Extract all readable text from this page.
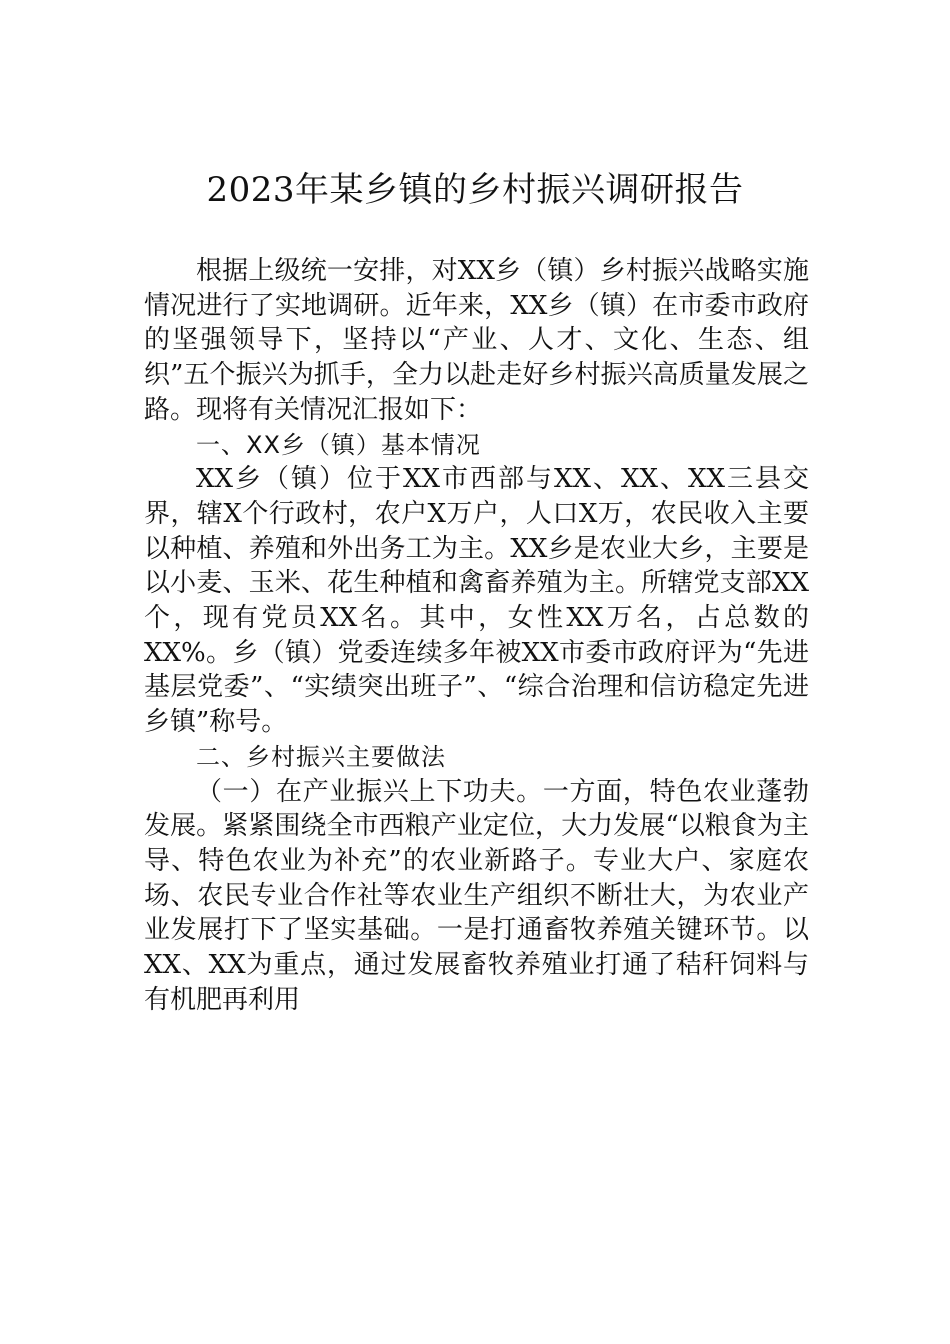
2023年某乡镇的乡村振兴调研报告

根据上级统一安排，对XX乡（镇）乡村振兴战略实施情况进行了实地调研。近年来，XX乡（镇）在市委市政府的坚强领导下，坚持以“产业、人才、文化、生态、组织”五个振兴为抓手，全力以赴走好乡村振兴高质量发展之路。现将有关情况汇报如下：

一、XX乡（镇）基本情况

XX乡（镇）位于XX市西部与XX、XX、XX三县交界，辖X个行政村，农户X万户，人口X万，农民收入主要以种植、养殖和外出务工为主。XX乡是农业大乡，主要是以小麦、玉米、花生种植和禽畜养殖为主。所辖党支部XX个，现有党员XX名。其中，女性XX万名，占总数的XX%。乡（镇）党委连续多年被XX市委市政府评为“先进基层党委”、“实绩突出班子”、“综合治理和信访稳定先进乡镇”称号。

二、乡村振兴主要做法

（一）在产业振兴上下功夫。一方面，特色农业蓬勃发展。紧紧围绕全市西粮产业定位，大力发展“以粮食为主导、特色农业为补充”的农业新路子。专业大户、家庭农场、农民专业合作社等农业生产组织不断壮大，为农业产业发展打下了坚实基础。一是打通畜牧养殖关键环节。以XX、XX为重点，通过发展畜牧养殖业打通了秸秆饲料与有机肥再利用
